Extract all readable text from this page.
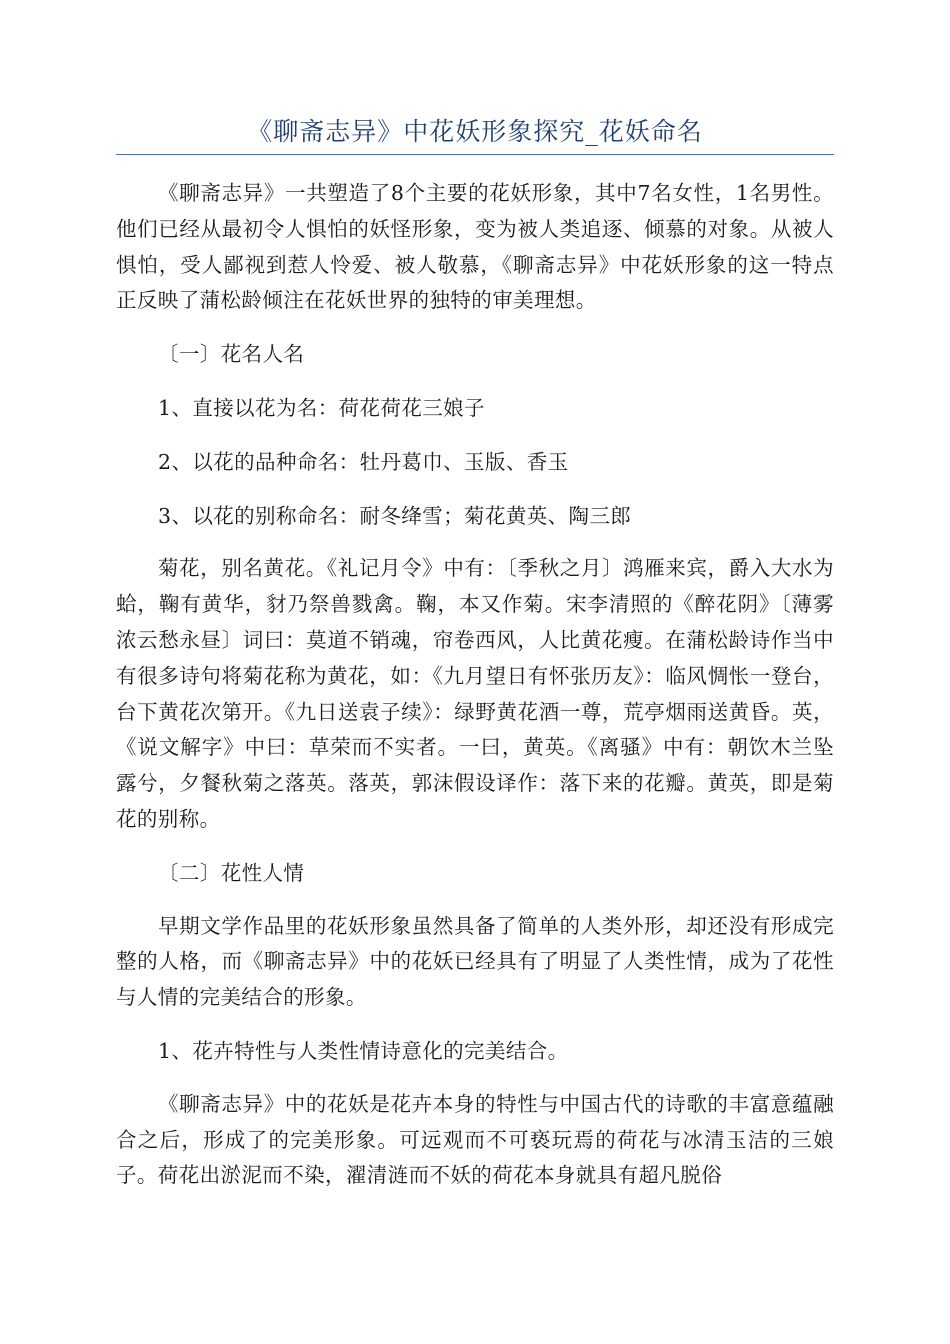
《聊斋志异》中花妖形象探究_花妖命名

《聊斋志异》一共塑造了8个主要的花妖形象，其中7名女性，1名男性。他们已经从最初令人惧怕的妖怪形象，变为被人类追逐、倾慕的对象。从被人惧怕，受人鄙视到惹人怜爱、被人敬慕，《聊斋志异》中花妖形象的这一特点正反映了蒲松龄倾注在花妖世界的独特的审美理想。

〔一〕花名人名

1、直接以花为名：荷花荷花三娘子

2、以花的品种命名：牡丹葛巾、玉版、香玉

3、以花的别称命名：耐冬绛雪；菊花黄英、陶三郎

菊花，别名黄花。《礼记月令》中有：〔季秋之月〕鸿雁来宾，爵入大水为蛤，鞠有黄华，豺乃祭兽戮禽。鞠，本又作菊。宋李清照的《醉花阴》〔薄雾浓云愁永昼〕词曰：莫道不销魂，帘卷西风，人比黄花瘦。在蒲松龄诗作当中有很多诗句将菊花称为黄花，如：《九月望日有怀张历友》：临风惆怅一登台，台下黄花次第开。《九日送袁子续》：绿野黄花酒一尊，荒亭烟雨送黄昏。英，《说文解字》中曰：草荣而不实者。一曰，黄英。《离骚》中有：朝饮木兰坠露兮，夕餐秋菊之落英。落英，郭沫假设译作：落下来的花瓣。黄英，即是菊花的别称。

〔二〕花性人情

早期文学作品里的花妖形象虽然具备了简单的人类外形，却还没有形成完整的人格，而《聊斋志异》中的花妖已经具有了明显了人类性情，成为了花性与人情的完美结合的形象。

1、花卉特性与人类性情诗意化的完美结合。

《聊斋志异》中的花妖是花卉本身的特性与中国古代的诗歌的丰富意蕴融合之后，形成了的完美形象。可远观而不可亵玩焉的荷花与冰清玉洁的三娘子。荷花出淤泥而不染，濯清涟而不妖的荷花本身就具有超凡脱俗
